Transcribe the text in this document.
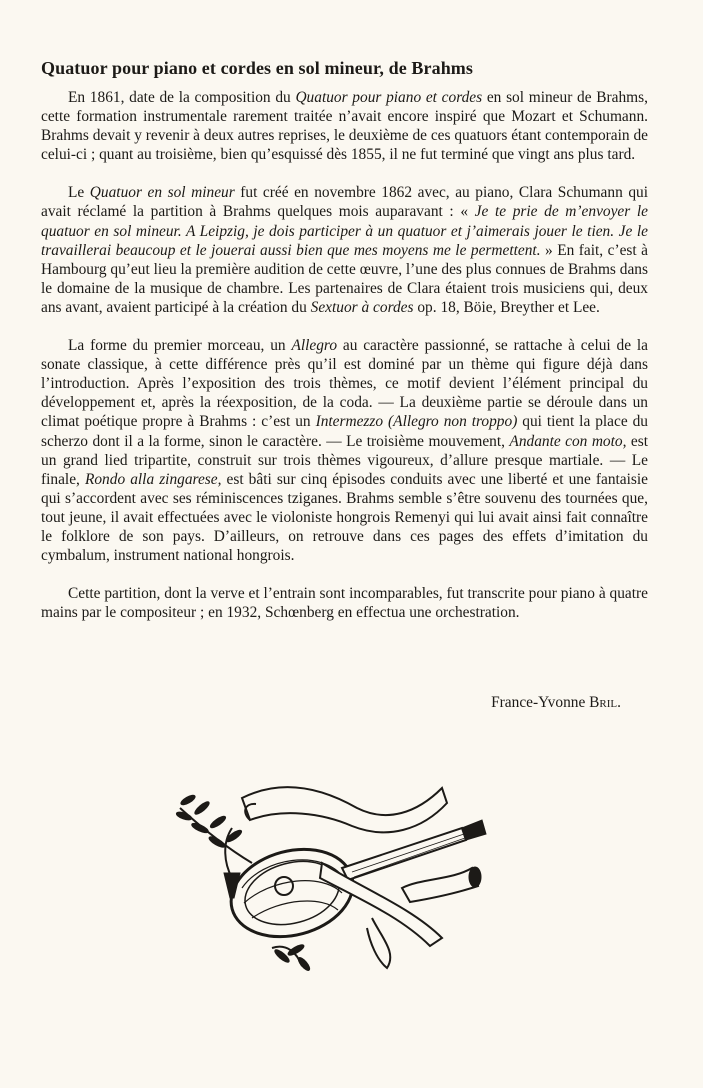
Quatuor pour piano et cordes en sol mineur, de Brahms

En 1861, date de la composition du Quatuor pour piano et cordes en sol mineur de Brahms, cette formation instrumentale rarement traitée n’avait encore inspiré que Mozart et Schumann. Brahms devait y revenir à deux autres reprises, le deuxième de ces quatuors étant contemporain de celui-ci ; quant au troisième, bien qu’esquissé dès 1855, il ne fut terminé que vingt ans plus tard.

Le Quatuor en sol mineur fut créé en novembre 1862 avec, au piano, Clara Schumann qui avait réclamé la partition à Brahms quelques mois auparavant : « Je te prie de m’envoyer le quatuor en sol mineur. A Leipzig, je dois participer à un quatuor et j’aimerais jouer le tien. Je le travaillerai beaucoup et le jouerai aussi bien que mes moyens me le permettent. » En fait, c’est à Hambourg qu’eut lieu la première audition de cette œuvre, l’une des plus connues de Brahms dans le domaine de la musique de chambre. Les partenaires de Clara étaient trois musiciens qui, deux ans avant, avaient participé à la création du Sextuor à cordes op. 18, Böie, Breyther et Lee.

La forme du premier morceau, un Allegro au caractère passionné, se rattache à celui de la sonate classique, à cette différence près qu’il est dominé par un thème qui figure déjà dans l’introduction. Après l’exposition des trois thèmes, ce motif devient l’élément principal du développement et, après la réexposition, de la coda. — La deuxième partie se déroule dans un climat poétique propre à Brahms : c’est un Intermezzo (Allegro non troppo) qui tient la place du scherzo dont il a la forme, sinon le caractère. — Le troisième mouvement, Andante con moto, est un grand lied tripartite, construit sur trois thèmes vigoureux, d’allure presque martiale. — Le finale, Rondo alla zingarese, est bâti sur cinq épisodes conduits avec une liberté et une fantaisie qui s’accordent avec ses réminiscences tziganes. Brahms semble s’être souvenu des tournées que, tout jeune, il avait effectuées avec le violoniste hongrois Remenyi qui lui avait ainsi fait connaître le folklore de son pays. D’ailleurs, on retrouve dans ces pages des effets d’imitation du cymbalum, instrument national hongrois.

Cette partition, dont la verve et l’entrain sont incomparables, fut transcrite pour piano à quatre mains par le compositeur ; en 1932, Schœnberg en effectua une orchestration.

France-Yvonne Bril.
